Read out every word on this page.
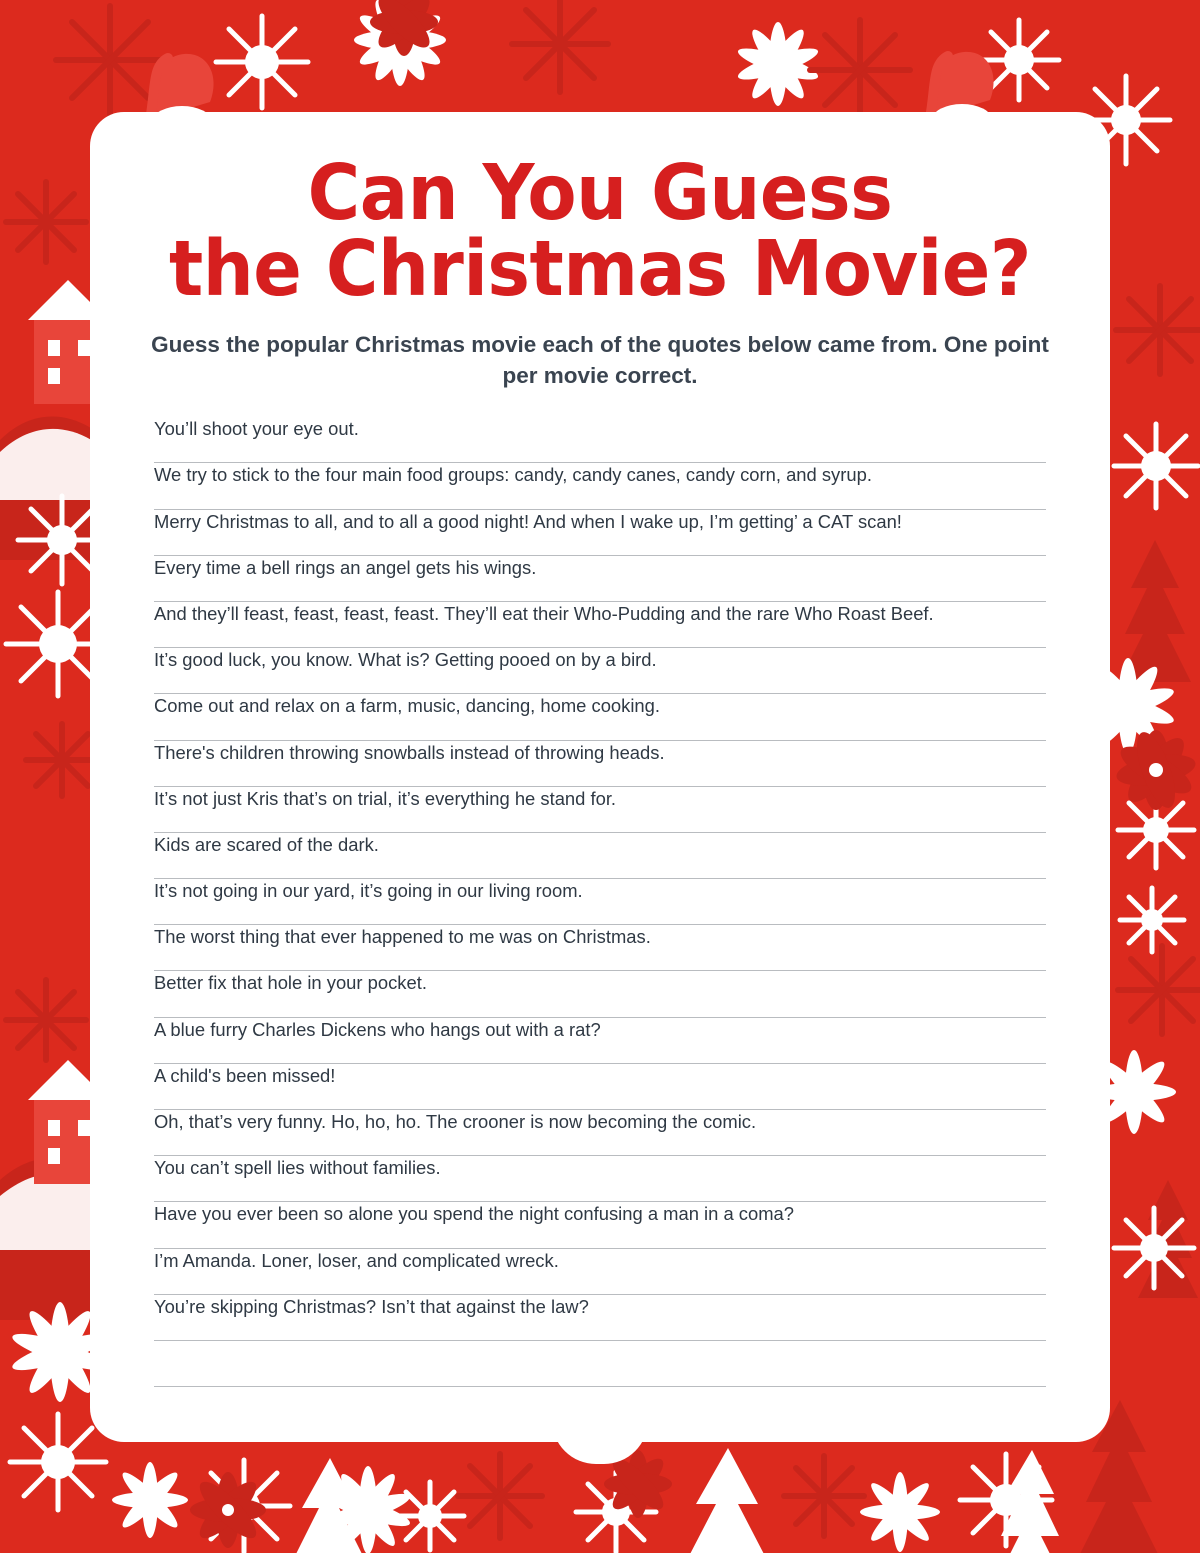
Can You Guess
the Christmas Movie?

Guess the popular Christmas movie each of the quotes below came from. One point per movie correct.

You’ll shoot your eye out.
We try to stick to the four main food groups: candy, candy canes, candy corn, and syrup.
Merry Christmas to all, and to all a good night! And when I wake up, I’m getting’ a CAT scan!
Every time a bell rings an angel gets his wings.
And they’ll feast, feast, feast, feast. They’ll eat their Who-Pudding and the rare Who Roast Beef.
It’s good luck, you know. What is? Getting pooed on by a bird.
Come out and relax on a farm, music, dancing, home cooking.
There's children throwing snowballs instead of throwing heads.
It’s not just Kris that’s on trial, it’s everything he stand for.
Kids are scared of the dark.
It’s not going in our yard, it’s going in our living room.
The worst thing that ever happened to me was on Christmas.
Better fix that hole in your pocket.
A blue furry Charles Dickens who hangs out with a rat?
A child's been missed!
Oh, that’s very funny. Ho, ho, ho. The crooner is now becoming the comic.
You can’t spell lies without families.
Have you ever been so alone you spend the night confusing a man in a coma?
I’m Amanda. Loner, loser, and complicated wreck.
You’re skipping Christmas? Isn’t that against the law?
